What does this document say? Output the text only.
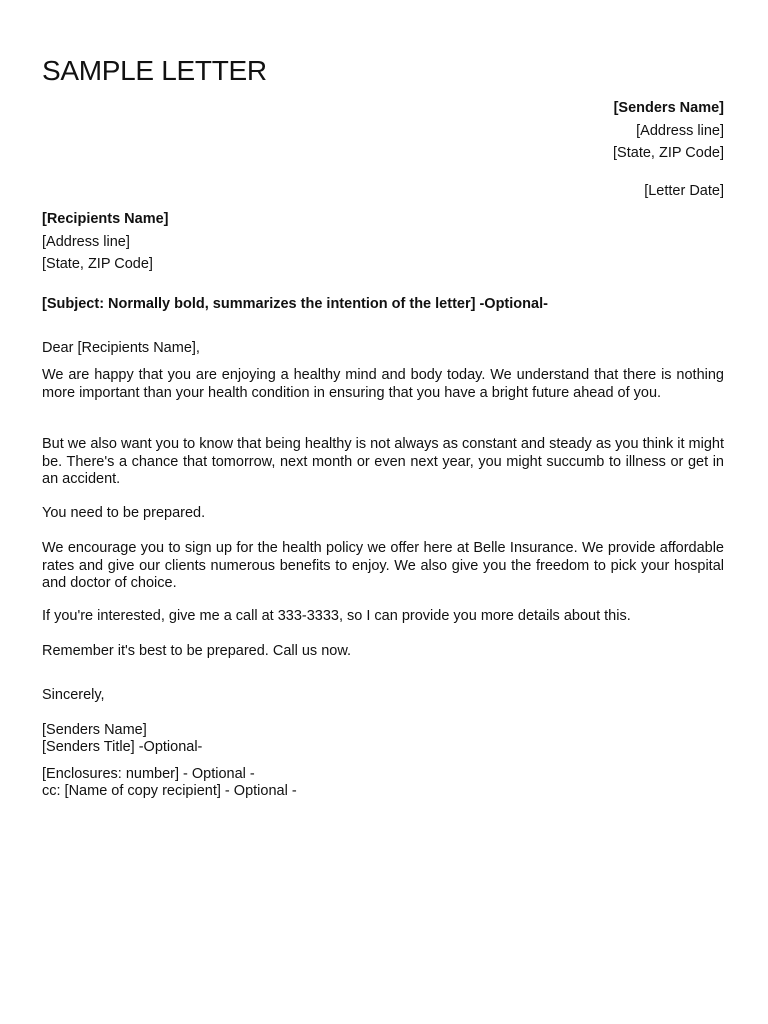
SAMPLE LETTER
[Senders Name]
[Address line]
[State, ZIP Code]
[Letter Date]
[Recipients Name]
[Address line]
[State, ZIP Code]
[Subject: Normally bold, summarizes the intention of the letter] -Optional-
Dear [Recipients Name],
We are happy that you are enjoying a healthy mind and body today. We understand that there is nothing more important than your health condition in ensuring that you have a bright future ahead of you.
But we also want you to know that being healthy is not always as constant and steady as you think it might be. There's a chance that tomorrow, next month or even next year, you might succumb to illness or get in an accident.
You need to be prepared.
We encourage you to sign up for the health policy we offer here at Belle Insurance. We provide affordable rates and give our clients numerous benefits to enjoy. We also give you the freedom to pick your hospital and doctor of choice.
If you're interested, give me a call at 333-3333, so I can provide you more details about this.
Remember it's best to be prepared. Call us now.
Sincerely,
[Senders Name]
[Senders Title] -Optional-
[Enclosures: number] - Optional -
cc: [Name of copy recipient] - Optional -
